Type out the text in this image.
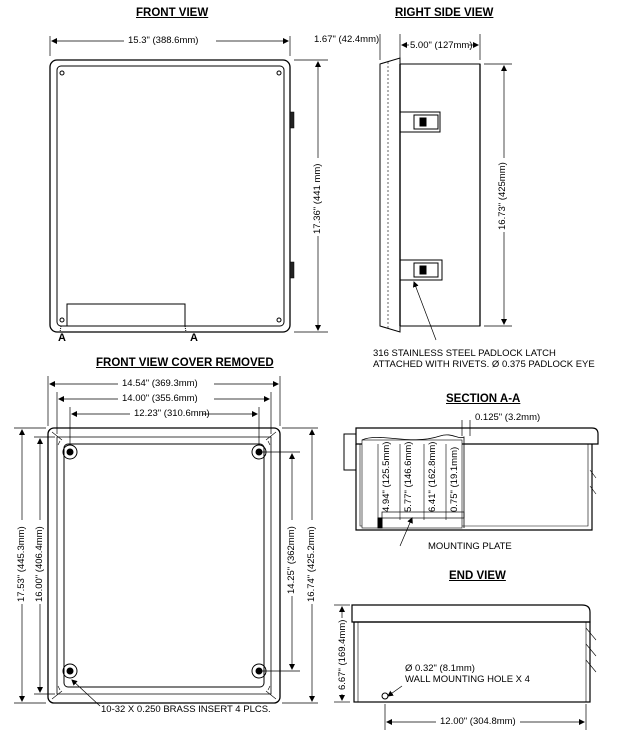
FRONT VIEW	RIGHT SIDE VIEW
FRONT VIEW COVER REMOVED
SECTION A-A
END VIEW
15.3" (388.6mm)
17.36" (441 mm)
A	A
1.67" (42.4mm)
5.00" (127mm)
16.73" (425mm)
316 STAINLESS STEEL PADLOCK LATCH
ATTACHED WITH RIVETS. Ø 0.375 PADLOCK EYE
14.54" (369.3mm)
14.00" (355.6mm)
12.23" (310.6mm)
17.53" (445.3mm) 16.00" (406.4mm)	14.25" (362mm) 16.74" (425.2mm)
10-32 X 0.250 BRASS INSERT 4 PLCS.
0.125" (3.2mm)
4.94" (125.5mm) 5.77" (146.6mm) 6.41" (162.8mm) 0.75" (19.1mm)
MOUNTING PLATE
6.67" (169.4mm)	Ø 0.32" (8.1mm)
WALL MOUNTING HOLE X 4
12.00" (304.8mm)
